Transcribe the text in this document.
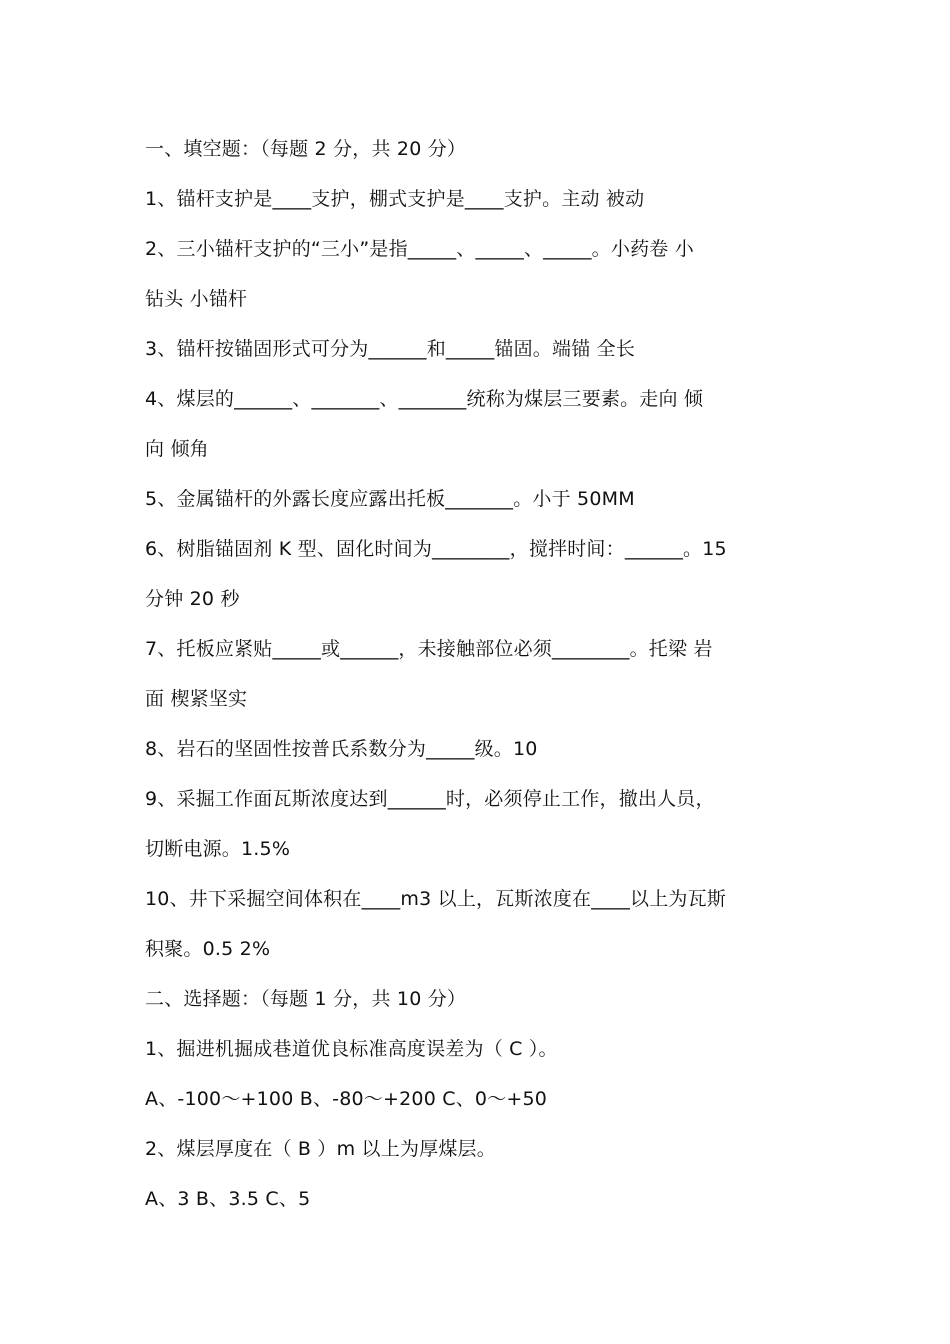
一、填空题：（每题 2 分，共 20 分）
1、锚杆支护是____支护，棚式支护是____支护。主动 被动
2、三小锚杆支护的“三小”是指_____、_____、_____。小药卷 小
钻头 小锚杆
3、锚杆按锚固形式可分为______和_____锚固。端锚 全长
4、煤层的______、_______、_______统称为煤层三要素。走向 倾
向 倾角
5、金属锚杆的外露长度应露出托板_______。小于 50MM
6、树脂锚固剂 K 型、固化时间为________，搅拌时间：______。15
分钟 20 秒
7、托板应紧贴_____或______，未接触部位必须________。托梁 岩
面 楔紧坚实
8、岩石的坚固性按普氏系数分为_____级。10
9、采掘工作面瓦斯浓度达到______时，必须停止工作，撤出人员，
切断电源。1.5%
10、井下采掘空间体积在____m3 以上，瓦斯浓度在____以上为瓦斯
积聚。0.5 2%
二、选择题：（每题 1 分，共 10 分）
1、掘进机掘成巷道优良标准高度误差为（ C ）。
A、-100～+100 B、-80～+200 C、0～+50
2、煤层厚度在（ B ）m 以上为厚煤层。
A、3 B、3.5 C、5
